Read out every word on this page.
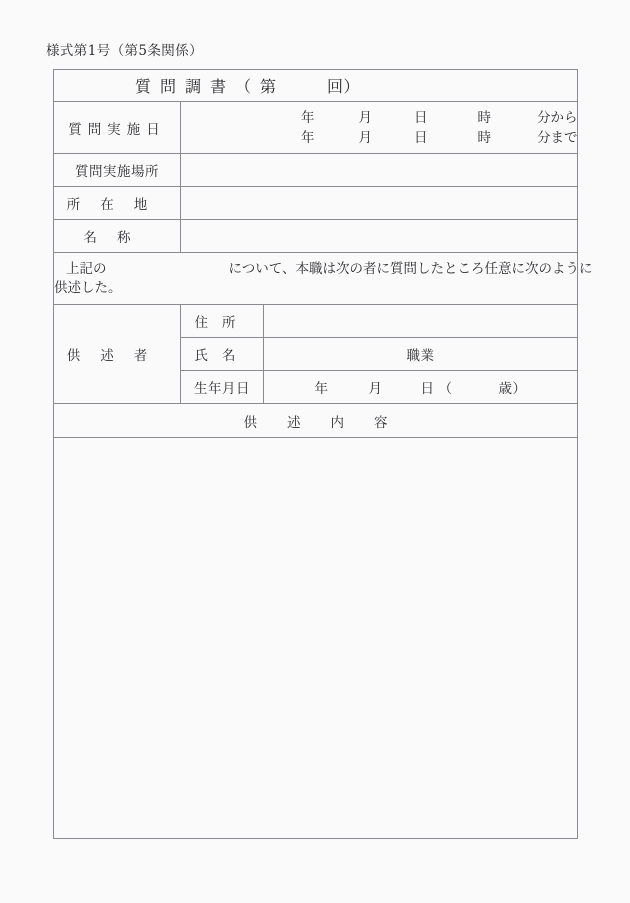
様式第1号（第5条関係）
質問調書（第 回）		
質問実施日	年 月 日 時 分から
年 月 日 時 分まで	

質問実施場所		
所在地		
名称		

上記の について、本職は次の者に質問したところ任意に次のように
供述した。		

供述者	住所	
	氏名	職業
	生年月日	年 月 日 （ 歳）
供述内容		
